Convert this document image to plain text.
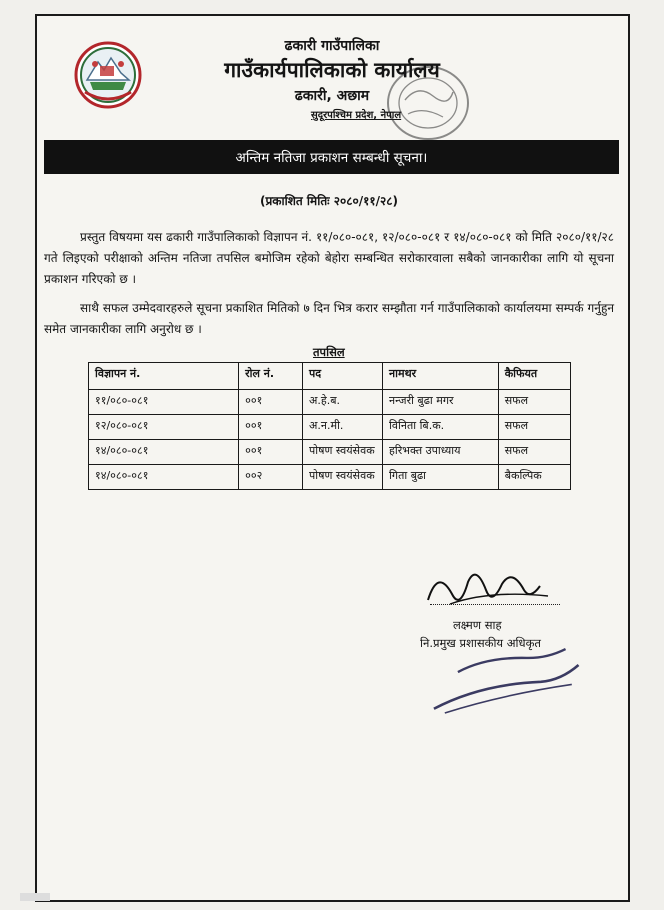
ढकारी गाउँपालिका
गाउँकार्यपालिकाको कार्यालय
ढकारी, अछाम
सुदूरपश्चिम प्रदेश, नेपाल
अन्तिम नतिजा प्रकाशन सम्बन्धी सूचना।
(प्रकाशित मितिः २०८०/११/२८)
प्रस्तुत विषयमा यस ढकारी गाउँपालिकाको विज्ञापन नं. ११/०८०-०८१, १२/०८०-०८१ र १४/०८०-०८१ को मिति २०८०/११/२८ गते लिइएको परीक्षाको अन्तिम नतिजा तपसिल बमोजिम रहेको बेहोरा सम्बन्धित सरोकारवाला सबैको जानकारीका लागि यो सूचना प्रकाशन गरिएको छ ।
साथै सफल उम्मेदवारहरुले सूचना प्रकाशित मितिको ७ दिन भित्र करार सम्झौता गर्न गाउँपालिकाको कार्यालयमा सम्पर्क गर्नुहुन समेत जानकारीका लागि अनुरोध छ ।
तपसिल
विज्ञापन नं.	रोल नं.	पद	नामथर	कैफियत
११/०८०-०८१	००१	अ.हे.ब.	नन्जरी बुढा मगर	सफल
१२/०८०-०८१	००१	अ.न.मी.	विनिता बि.क.	सफल
१४/०८०-०८१	००१	पोषण स्वयंसेवक	हरिभक्त उपाध्याय	सफल
१४/०८०-०८१	००२	पोषण स्वयंसेवक	गिता बुढा	बैकल्पिक
लक्ष्मण साह
नि.प्रमुख प्रशासकीय अधिकृत
